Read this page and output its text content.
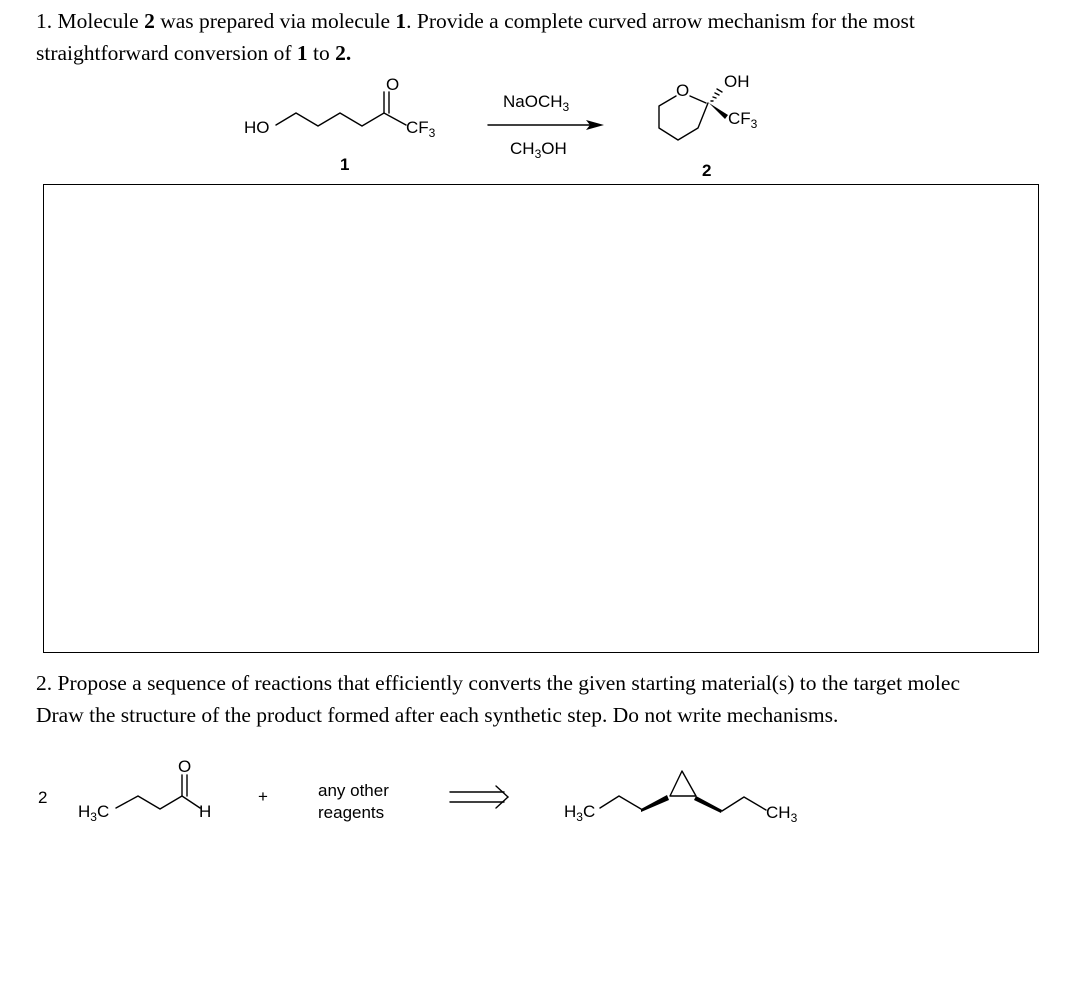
1. Molecule 2 was prepared via molecule 1. Provide a complete curved arrow mechanism for the most
straightforward conversion of 1 to 2.
HO
O
$CF_3$
1
NaOCH$_3$
$CH_3OH$
O OH
$CF_3$
2
2. Propose a sequence of reactions that efficiently converts the given starting material(s) to the target molec
Draw the structure of the product formed after each synthetic step. Do not write mechanisms.
2
$H_3C$
O
H
+	any other
reagents	$H_3C$	$CH_3$
